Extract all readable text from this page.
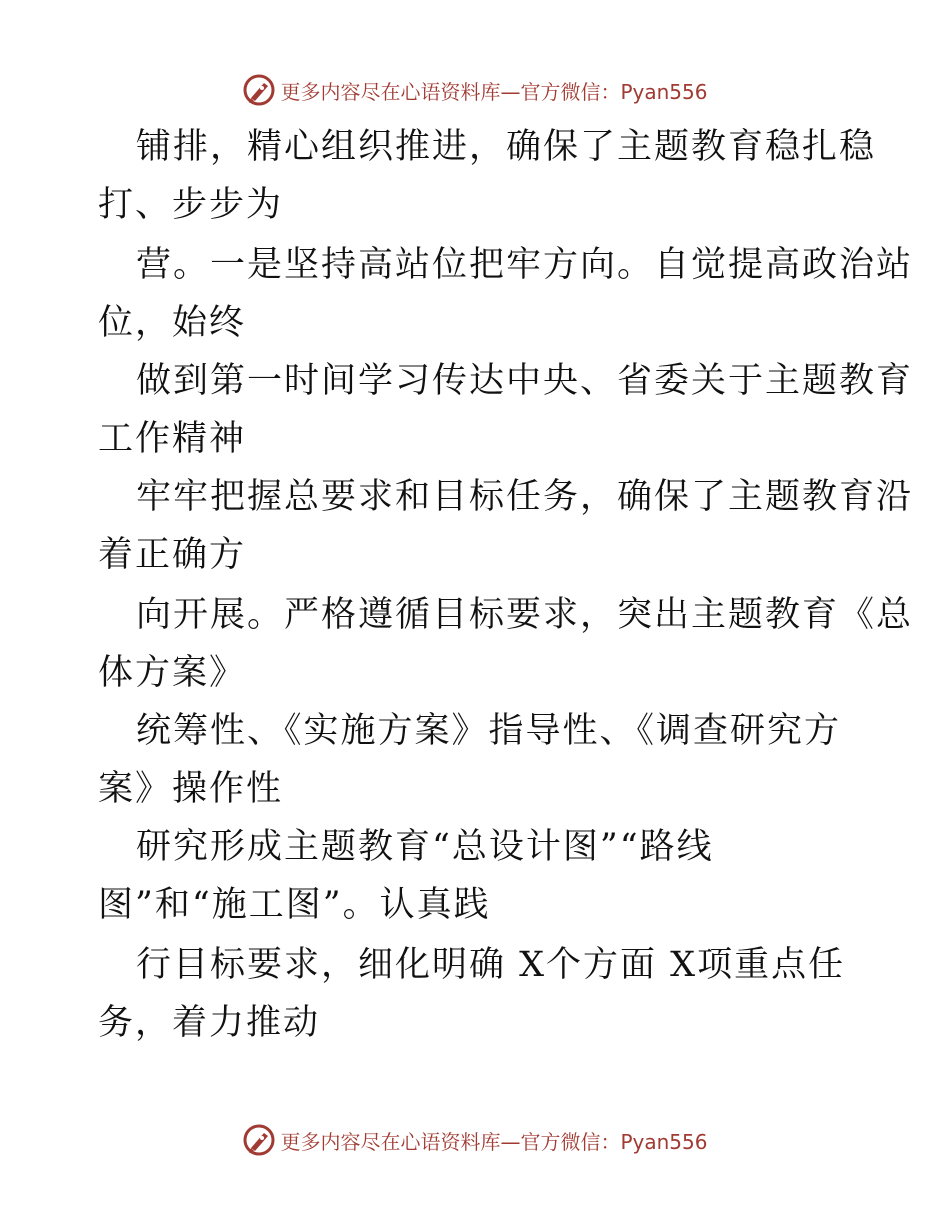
更多内容尽在心语资料库—官方微信：Pyan556
铺排，精心组织推进，确保了主题教育稳扎稳
打、步步为
营。一是坚持高站位把牢方向。自觉提高政治站
位，始终
做到第一时间学习传达中央、省委关于主题教育
工作精神
牢牢把握总要求和目标任务，确保了主题教育沿
着正确方
向开展。严格遵循目标要求，突出主题教育《总
体方案》
统筹性、《实施方案》指导性、《调查研究方
案》操作性
研究形成主题教育“总设计图”“路线
图”和“施工图”。认真践
行目标要求，细化明确 X个方面 X项重点任
务，着力推动
更多内容尽在心语资料库—官方微信：Pyan556
